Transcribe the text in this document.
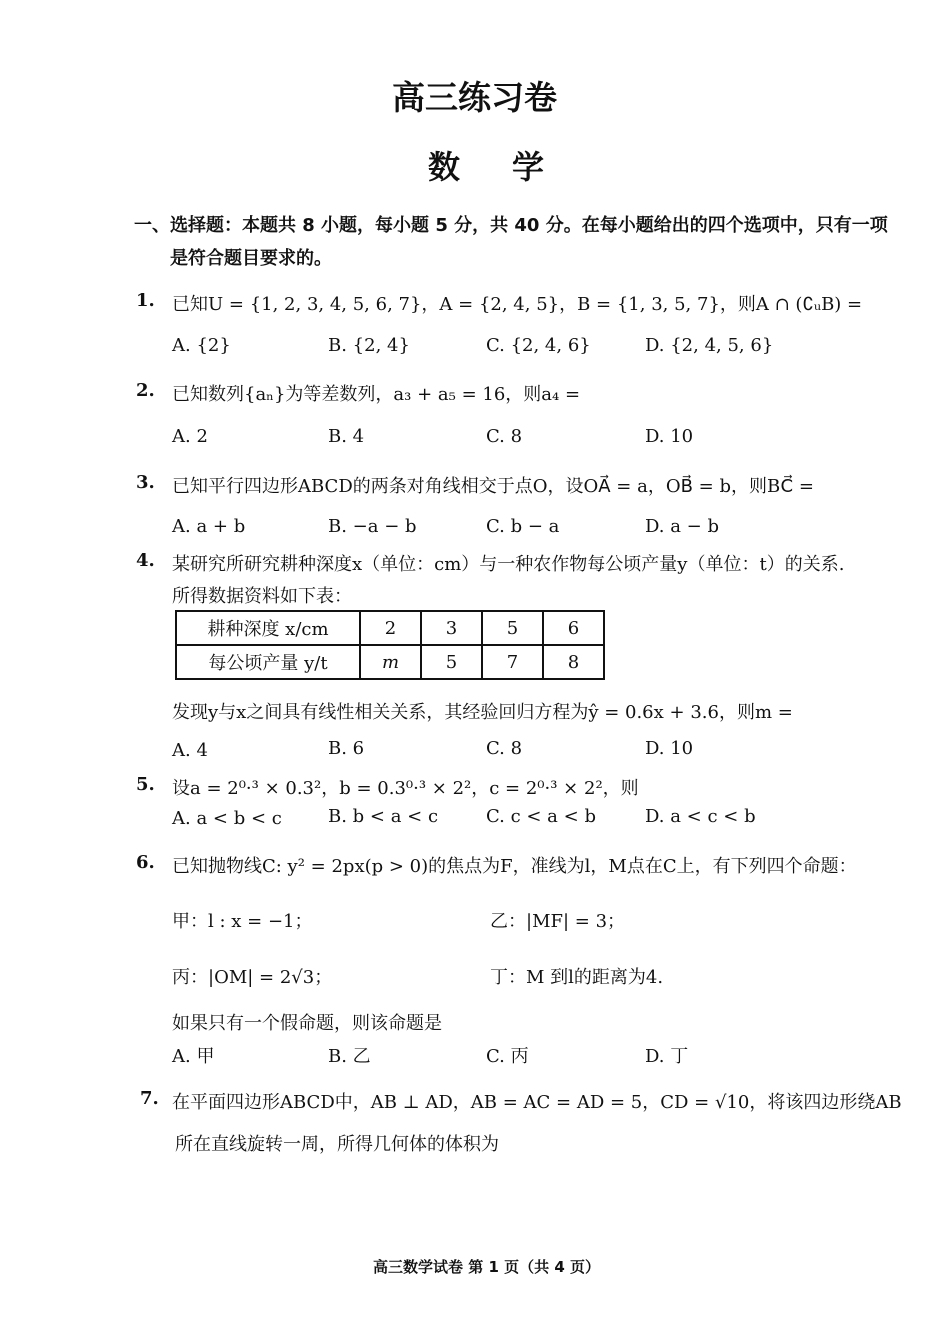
高三练习卷
数学
一、选择题：本题共 8 小题，每小题 5 分，共 40 分。在每小题给出的四个选项中，只有一项
是符合题目要求的。
1. 已知U = {1, 2, 3, 4, 5, 6, 7}，A = {2, 4, 5}，B = {1, 3, 5, 7}，则A ∩ (∁ᵤB) =
A. {2}	B. {2, 4}	C. {2, 4, 6}	D. {2, 4, 5, 6}
2. 已知数列{aₙ}为等差数列，a₃ + a₅ = 16，则a₄ =
A. 2	B. 4	C. 8	D. 10
3. 已知平行四边形ABCD的两条对角线相交于点O，设OA⃗ = a，OB⃗ = b，则BC⃗ =
A. a + b	B. −a − b	C. b − a	D. a − b
4. 某研究所研究耕种深度x（单位：cm）与一种农作物每公顷产量y（单位：t）的关系.
所得数据资料如下表：
耕种深度 x/cm	2	3	5	6
每公顷产量 y/t	m	5	7	8
发现y与x之间具有线性相关关系，其经验回归方程为ŷ = 0.6x + 3.6，则m =
A. 4	B. 6	C. 8	D. 10
5. 设a = 2⁰·³ × 0.3²，b = 0.3⁰·³ × 2²，c = 2⁰·³ × 2²，则
A. a < b < c	B. b < a < c	C. c < a < b	D. a < c < b
6. 已知抛物线C: y² = 2px(p > 0)的焦点为F，准线为l，M点在C上，有下列四个命题：
甲：l : x = −1；	乙：|MF| = 3；
丙：|OM| = 2√3；	丁：M 到l的距离为4.
如果只有一个假命题，则该命题是
A. 甲	B. 乙	C. 丙	D. 丁
7. 在平面四边形ABCD中，AB ⊥ AD，AB = AC = AD = 5，CD = √10，将该四边形绕AB
所在直线旋转一周，所得几何体的体积为
高三数学试卷 第 1 页（共 4 页）
